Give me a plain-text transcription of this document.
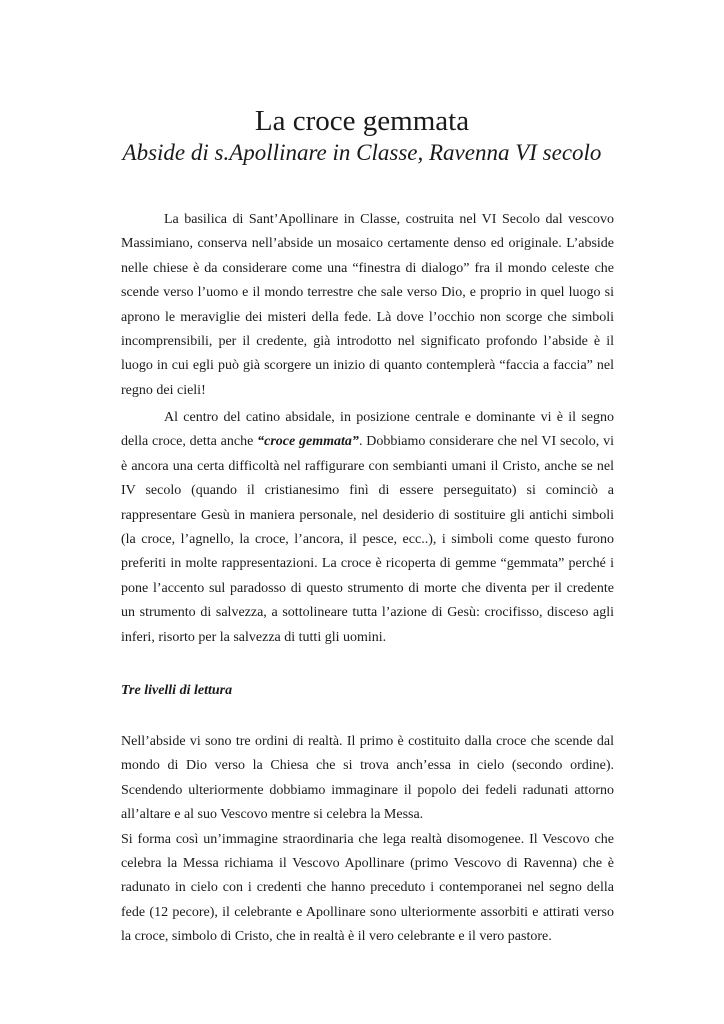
La croce gemmata
Abside di s.Apollinare in Classe, Ravenna VI secolo

La basilica di Sant’Apollinare in Classe, costruita nel VI Secolo dal vescovo Massimiano, conserva nell’abside un mosaico certamente denso ed originale. L’abside nelle chiese è da considerare come una “finestra di dialogo” fra il mondo celeste che scende verso l’uomo e il mondo terrestre che sale verso Dio, e proprio in quel luogo si aprono le meraviglie dei misteri della fede. Là dove l’occhio non scorge che simboli incomprensibili, per il credente, già introdotto nel significato profondo l’abside è il luogo in cui egli può già scorgere un inizio di quanto contemplerà “faccia a faccia” nel regno dei cieli!

Al centro del catino absidale, in posizione centrale e dominante vi è il segno della croce, detta anche “croce gemmata”. Dobbiamo considerare che nel VI secolo, vi è ancora una certa difficoltà nel raffigurare con sembianti umani il Cristo, anche se nel IV secolo (quando il cristianesimo finì di essere perseguitato) si cominciò a rappresentare Gesù in maniera personale, nel desiderio di sostituire gli antichi simboli (la croce, l’agnello, la croce, l’ancora, il pesce, ecc..), i simboli come questo furono preferiti in molte rappresentazioni. La croce è ricoperta di gemme “gemmata” perché i pone l’accento sul paradosso di questo strumento di morte che diventa per il credente un strumento di salvezza, a sottolineare tutta l’azione di Gesù: crocifisso, disceso agli inferi, risorto per la salvezza di tutti gli uomini.

Tre livelli di lettura

Nell’abside vi sono tre ordini di realtà. Il primo è costituito dalla croce che scende dal mondo di Dio verso la Chiesa che si trova anch’essa in cielo (secondo ordine). Scendendo ulteriormente dobbiamo immaginare il popolo dei fedeli radunati attorno all’altare e al suo Vescovo mentre si celebra la Messa.

Si forma così un’immagine straordinaria che lega realtà disomogenee. Il Vescovo che celebra la Messa richiama il Vescovo Apollinare (primo Vescovo di Ravenna) che è radunato in cielo con i credenti che hanno preceduto i contemporanei nel segno della fede (12 pecore), il celebrante e Apollinare sono ulteriormente assorbiti e attirati verso la croce, simbolo di Cristo, che in realtà è il vero celebrante e il vero pastore.
